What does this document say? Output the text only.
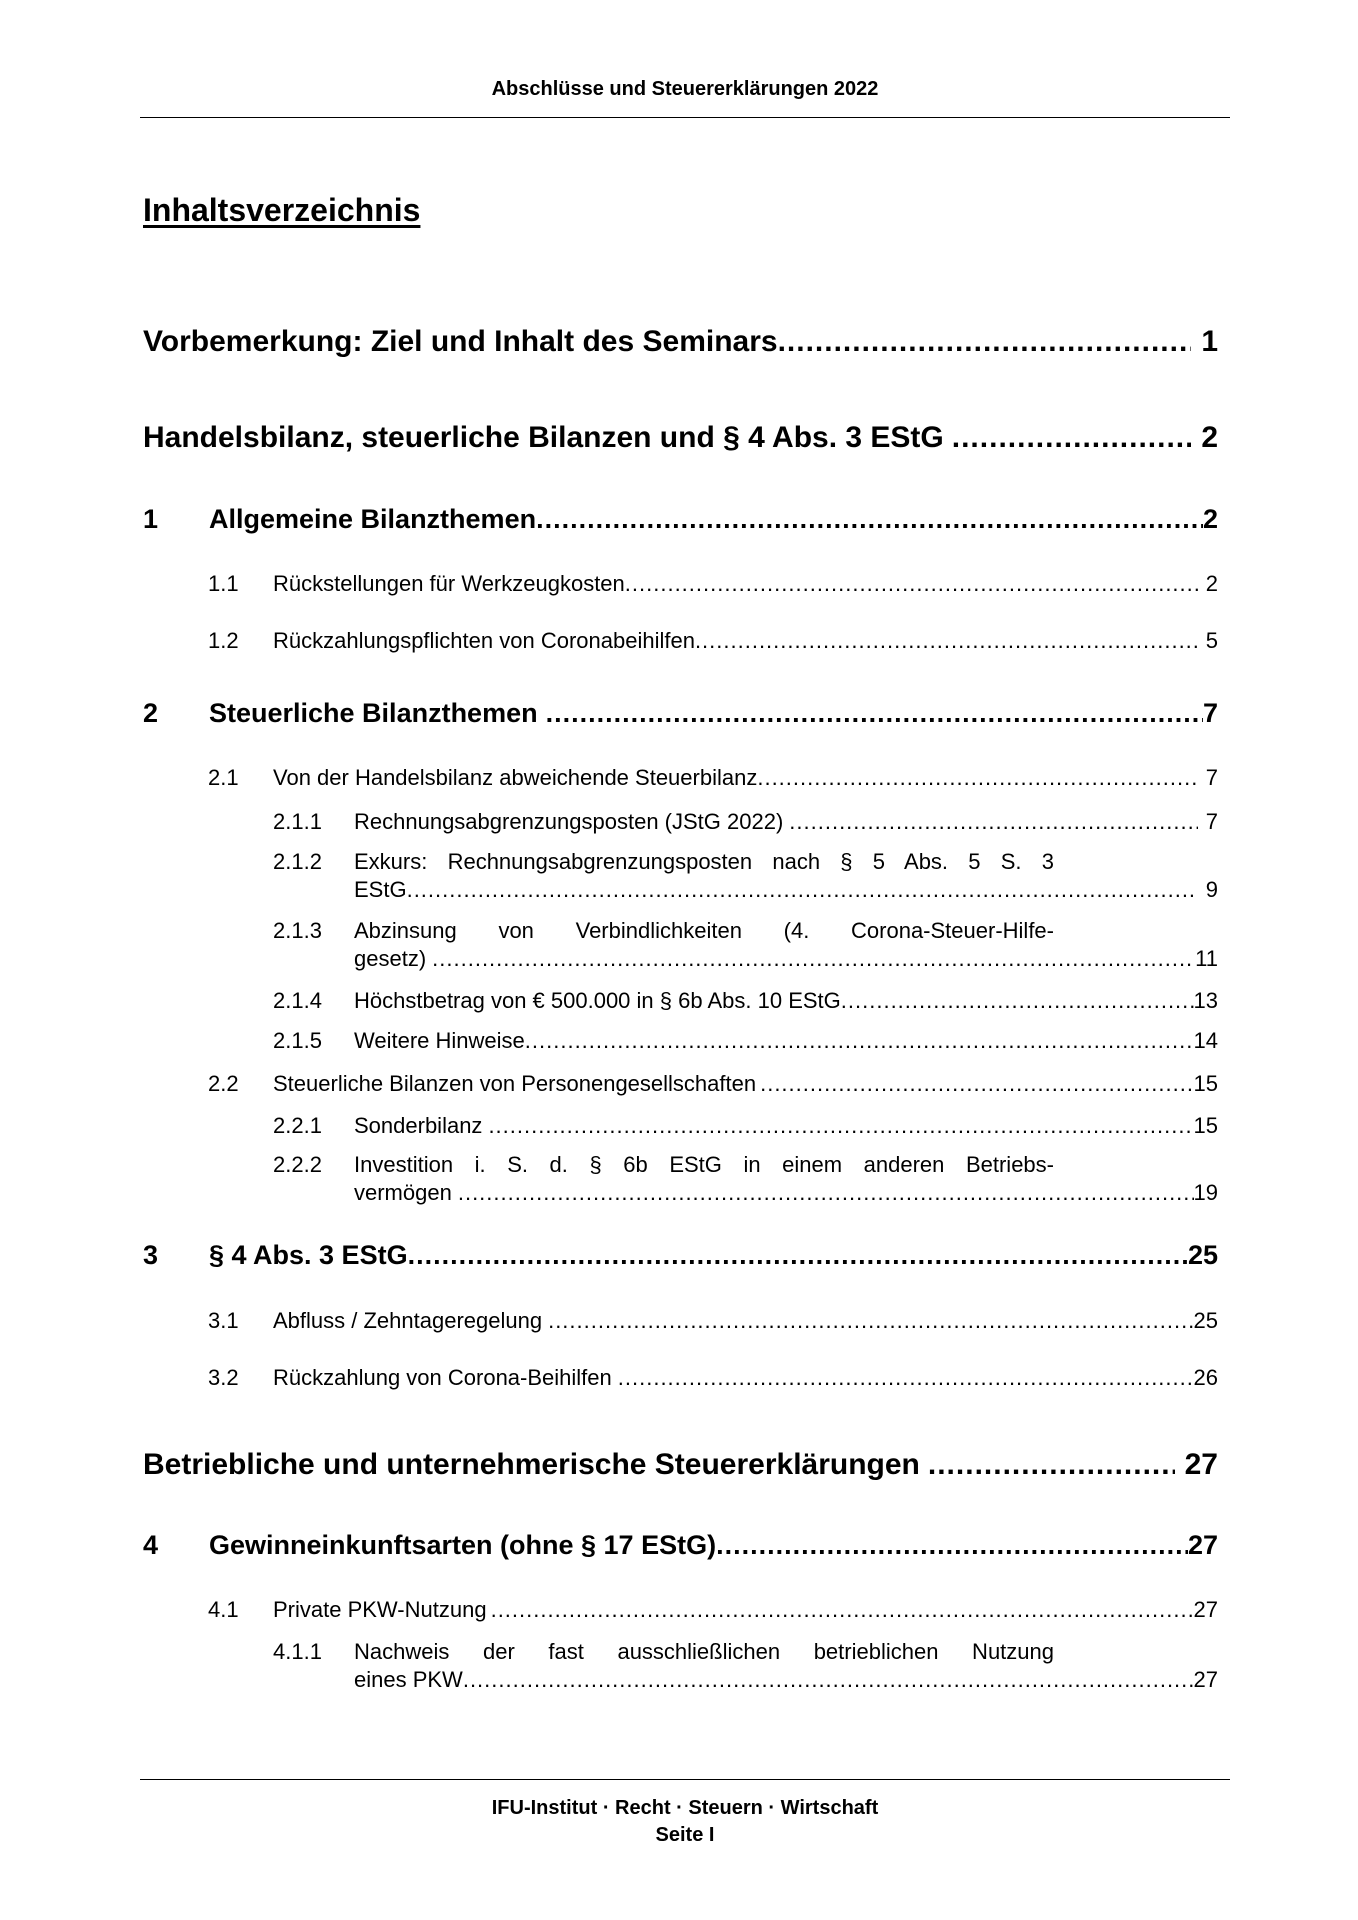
Abschlüsse und Steuererklärungen 2022
Inhaltsverzeichnis
Vorbemerkung: Ziel und Inhalt des Seminars .....	1
Handelsbilanz, steuerliche Bilanzen und § 4 Abs. 3 EStG .....	2
1 Allgemeine Bilanzthemen .....	2
1.1 Rückstellungen für Werkzeugkosten .....	2
1.2 Rückzahlungspflichten von Coronabeihilfen .....	5
2 Steuerliche Bilanzthemen .....	7
2.1 Von der Handelsbilanz abweichende Steuerbilanz .....	7
2.1.1 Rechnungsabgrenzungsposten (JStG 2022) .....	7
2.1.2 Exkurs: Rechnungsabgrenzungsposten nach § 5 Abs. 5 S. 3
EStG .....	9
2.1.3 Abzinsung von Verbindlichkeiten (4. Corona-Steuer-Hilfe-
gesetz) .....	11
2.1.4 Höchstbetrag von € 500.000 in § 6b Abs. 10 EStG .....	13
2.1.5 Weitere Hinweise .....	14
2.2 Steuerliche Bilanzen von Personengesellschaften .....	15
2.2.1 Sonderbilanz .....	15
2.2.2 Investition i. S. d. § 6b EStG in einem anderen Betriebs-
vermögen .....	19
3 § 4 Abs. 3 EStG .....	25
3.1 Abfluss / Zehntageregelung .....	25
3.2 Rückzahlung von Corona-Beihilfen .....	26
Betriebliche und unternehmerische Steuererklärungen .....	27
4 Gewinneinkunftsarten (ohne § 17 EStG) .....	27
4.1 Private PKW-Nutzung .....	27
4.1.1 Nachweis der fast ausschließlichen betrieblichen Nutzung
eines PKW .....	27
IFU-Institut · Recht · Steuern · Wirtschaft
Seite I
